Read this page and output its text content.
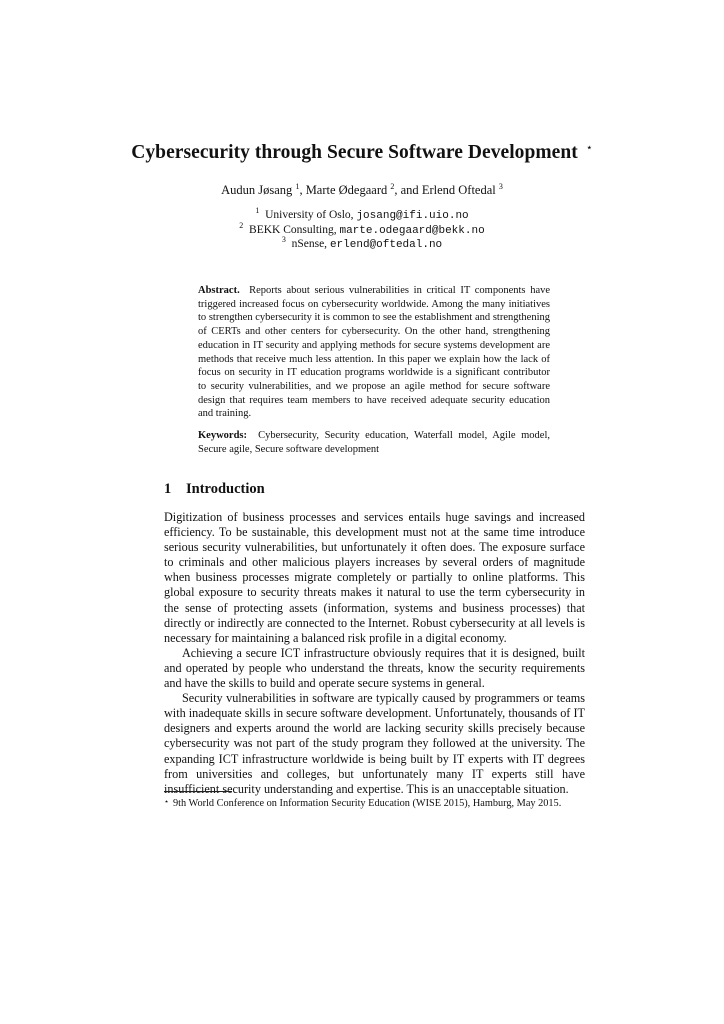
Cybersecurity through Secure Software Development ⋆
Audun Jøsang $^1$, Marte Ødegaard $^2$, and Erlend Oftedal $^3$
$^1$ University of Oslo, josang@ifi.uio.no
$^2$ BEKK Consulting, marte.odegaard@bekk.no
$^3$ nSense, erlend@oftedal.no
Abstract. Reports about serious vulnerabilities in critical IT components have triggered increased focus on cybersecurity worldwide. Among the many initiatives to strengthen cybersecurity it is common to see the establishment and strengthening of CERTs and other centers for cybersecurity. On the other hand, strengthening education in IT security and applying methods for secure systems development are methods that receive much less attention. In this paper we explain how the lack of focus on security in IT education programs worldwide is a significant contributor to security vulnerabilities, and we propose an agile method for secure software design that requires team members to have received adequate security education and training.
Keywords: Cybersecurity, Security education, Waterfall model, Agile model, Secure agile, Secure software development
1 Introduction

Digitization of business processes and services entails huge savings and increased efficiency. To be sustainable, this development must not at the same time introduce serious security vulnerabilities, but unfortunately it often does. The exposure surface to criminals and other malicious players increases by several orders of magnitude when business processes migrate completely or partially to online platforms. This global exposure to security threats makes it natural to use the term cybersecurity in the sense of protecting assets (information, systems and business processes) that directly or indirectly are connected to the Internet. Robust cybersecurity at all levels is necessary for maintaining a balanced risk profile in a digital economy.

Achieving a secure ICT infrastructure obviously requires that it is designed, built and operated by people who understand the threats, know the security requirements and have the skills to build and operate secure systems in general.

Security vulnerabilities in software are typically caused by programmers or teams with inadequate skills in secure software development. Unfortunately, thousands of IT designers and experts around the world are lacking security skills precisely because cybersecurity was not part of the study program they followed at the university. The expanding ICT infrastructure worldwide is being built by IT experts with IT degrees from universities and colleges, but unfortunately many IT experts still have insufficient security understanding and expertise. This is an unacceptable situation.

⋆ 9th World Conference on Information Security Education (WISE 2015), Hamburg, May 2015.
